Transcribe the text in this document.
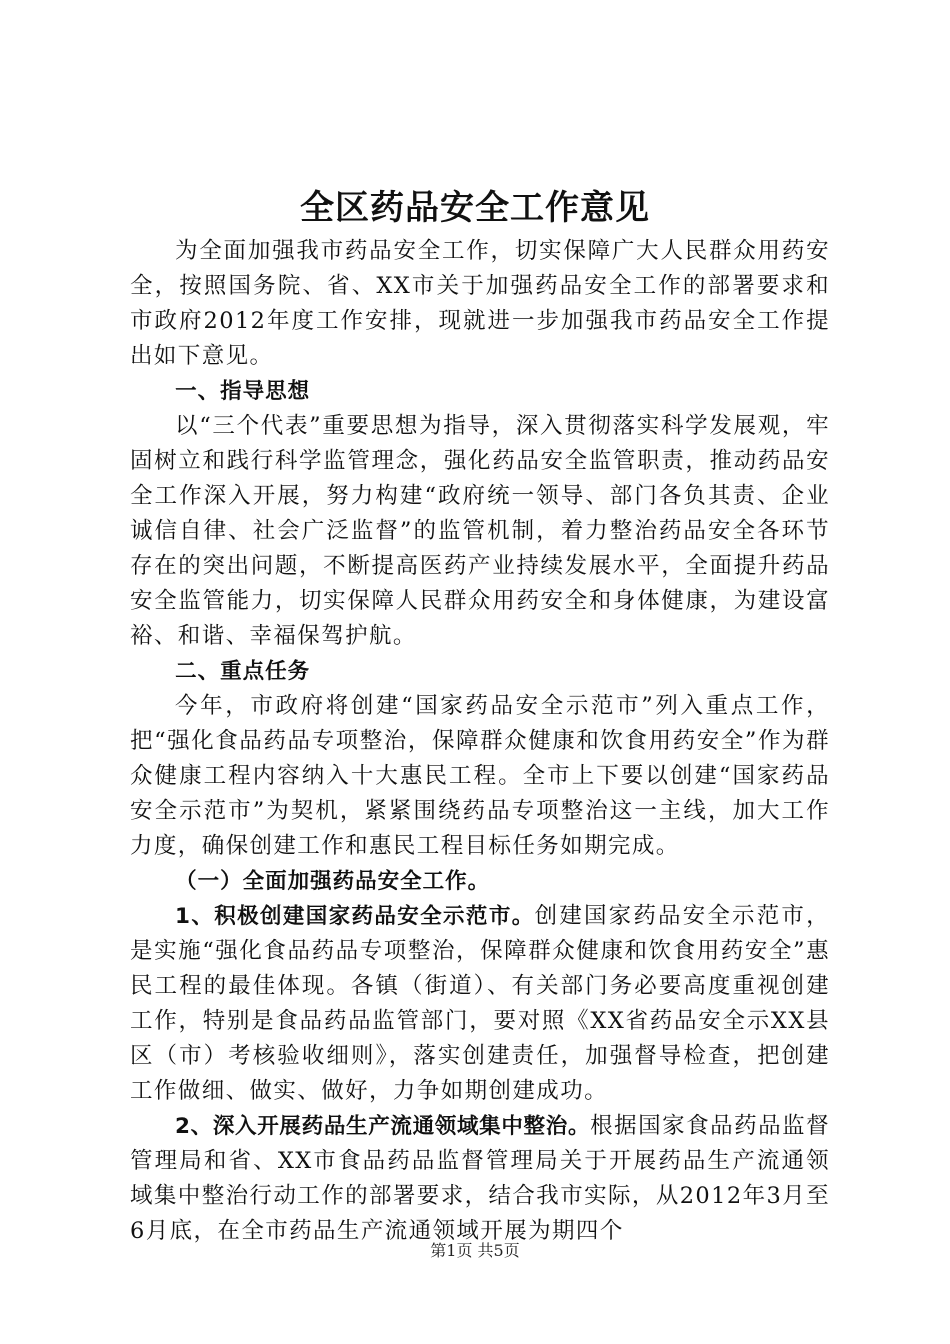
全区药品安全工作意见

为全面加强我市药品安全工作，切实保障广大人民群众用药安全，按照国务院、省、XX市关于加强药品安全工作的部署要求和市政府2012年度工作安排，现就进一步加强我市药品安全工作提出如下意见。

一、指导思想

以“三个代表”重要思想为指导，深入贯彻落实科学发展观，牢固树立和践行科学监管理念，强化药品安全监管职责，推动药品安全工作深入开展，努力构建“政府统一领导、部门各负其责、企业诚信自律、社会广泛监督”的监管机制，着力整治药品安全各环节存在的突出问题，不断提高医药产业持续发展水平，全面提升药品安全监管能力，切实保障人民群众用药安全和身体健康，为建设富裕、和谐、幸福保驾护航。

二、重点任务

今年，市政府将创建“国家药品安全示范市”列入重点工作，把“强化食品药品专项整治，保障群众健康和饮食用药安全”作为群众健康工程内容纳入十大惠民工程。全市上下要以创建“国家药品安全示范市”为契机，紧紧围绕药品专项整治这一主线，加大工作力度，确保创建工作和惠民工程目标任务如期完成。

（一）全面加强药品安全工作。

1、积极创建国家药品安全示范市。创建国家药品安全示范市，是实施“强化食品药品专项整治，保障群众健康和饮食用药安全”惠民工程的最佳体现。各镇（街道）、有关部门务必要高度重视创建工作，特别是食品药品监管部门，要对照《XX省药品安全示XX县区（市）考核验收细则》，落实创建责任，加强督导检查，把创建工作做细、做实、做好，力争如期创建成功。

2、深入开展药品生产流通领域集中整治。根据国家食品药品监督管理局和省、XX市食品药品监督管理局关于开展药品生产流通领域集中整治行动工作的部署要求，结合我市实际，从2012年3月至6月底，在全市药品生产流通领域开展为期四个

第1页 共5页
